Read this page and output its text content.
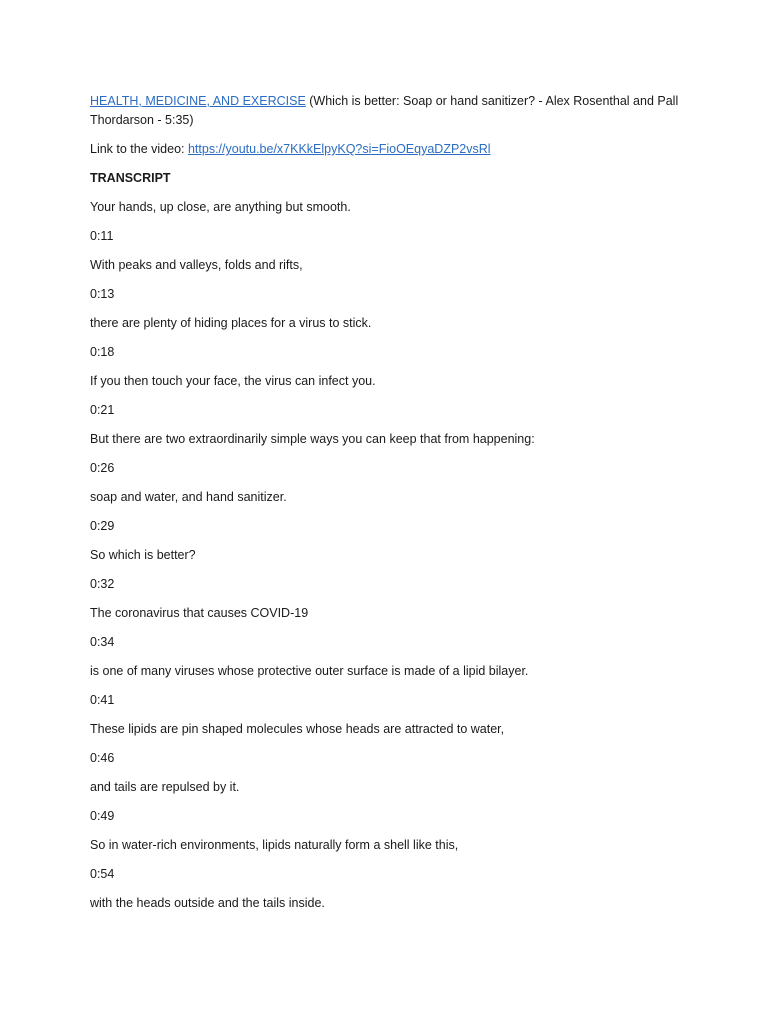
HEALTH, MEDICINE, AND EXERCISE (Which is better: Soap or hand sanitizer? - Alex Rosenthal and Pall Thordarson - 5:35)

Link to the video: https://youtu.be/x7KKkElpyKQ?si=FioOEqyaDZP2vsRl

TRANSCRIPT

Your hands, up close, are anything but smooth.

0:11

With peaks and valleys, folds and rifts,

0:13

there are plenty of hiding places for a virus to stick.

0:18

If you then touch your face, the virus can infect you.

0:21

But there are two extraordinarily simple ways you can keep that from happening:

0:26

soap and water, and hand sanitizer.

0:29

So which is better?

0:32

The coronavirus that causes COVID-19

0:34

is one of many viruses whose protective outer surface is made of a lipid bilayer.

0:41

These lipids are pin shaped molecules whose heads are attracted to water,

0:46

and tails are repulsed by it.

0:49

So in water-rich environments, lipids naturally form a shell like this,

0:54

with the heads outside and the tails inside.
